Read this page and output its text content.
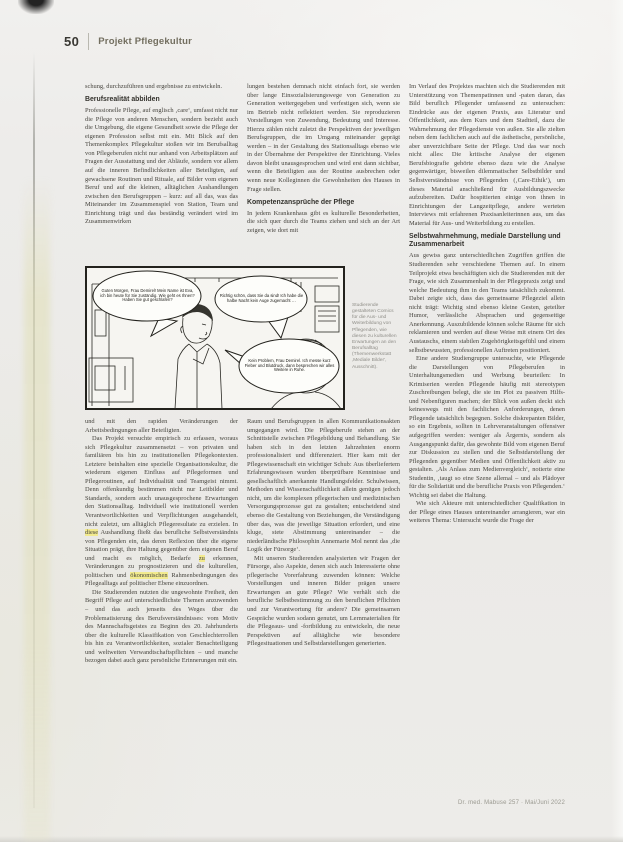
50 Projekt Pflegekultur

schung, durchzuführen und ergebnisse zu entwickeln.

Berufsrealität abbilden

Professionelle Pflege, auf englisch ‚care‘, umfasst nicht nur die Pflege von anderen Menschen, sondern bezieht auch die Umgebung, die eigene Gesundheit sowie die Pflege der eigenen Profession selbst mit ein. Mit Blick auf den Themenkomplex Pflegekultur stoßen wir im Berufsalltag von Pflegeberufen nicht nur anhand von Arbeitsplätzen auf Fragen der Ausstattung und der Abläufe, sondern vor allem auf die inneren Befindlichkeiten aller Beteiligten, auf gewachsene Routinen und Rituale, auf Bilder vom eigenen Beruf und auf die kleinen, alltäglichen Aushandlungen zwischen den Berufsgruppen – kurz: auf all das, was das Miteinander im Zusammenspiel von Station, Team und Einrichtung trägt und das beständig verändert wird im Zusammenwirken

Guten Morgen, Frau Demirel! Mein Name ist Eva, ich bin heute für Sie zuständig. Wie geht es Ihnen? Haben Sie gut geschlafen?
Richtig schön, dass Sie da sind! Ich habe die halbe Nacht kein Auge zugemacht …
Kein Problem, Frau Demirel. Ich messe kurz Fieber und Blutdruck, dann besprechen wir alles Weitere in Ruhe.
Studierende gestalteten Comics für die Aus- und Weiterbildung von Pflegenden, wie diesen zu kulturellen Erwartungen an den Berufsalltag (Themenwerkstatt ‚Mediale Bilder‘, Ausschnitt).

und mit den rapiden Veränderungen der Arbeitsbedingungen aller Beteiligten.

Das Projekt versuchte empirisch zu erfassen, woraus sich Pflegekultur zusammensetzt – von privaten und familiären bis hin zu institutionellen Pflegekontexten. Letztere beinhalten eine spezielle Organisationskultur, die wiederum eigenen Einfluss auf Pflegeformen und Pflegeroutinen, auf Individualität und Teamgeist nimmt. Denn offenkundig bestimmen nicht nur Leitbilder und Standards, sondern auch unausgesprochene Erwartungen den Stationsalltag. Individuell wie institutionell werden Verantwortlichkeiten und Verpflichtungen ausgehandelt, nicht zuletzt, um alltäglich Pflegeresultate zu erzielen. In diese Aushandlung fließt das berufliche Selbstverständnis von Pflegenden ein, das deren Reflexion über die eigene Situation prägt, ihre Haltung gegenüber dem eigenen Beruf und macht es möglich, Bedarfe zu erkennen, Veränderungen zu prognostizieren und die kulturellen, politischen und ökonomischen Rahmenbedingungen des Pflegealltags auf politischer Ebene einzuordnen.

Die Studierenden nutzten die ungewohnte Freiheit, den Begriff Pflege auf unterschiedlichste Themen anzuwenden – und das auch jenseits des Weges über die Problematisierung des Berufsverständnisses: vom Motiv des Mannschaftsgeistes zu Beginn des 20. Jahrhunderts über die kulturelle Klassifikation von Geschlechterrollen bis hin zu Verantwortlichkeiten, sozialer Benachteiligung und weltweiten Verwandtschaftspflichten – und manche bezogen dabei auch ganz persönliche Erinnerungen mit ein.

lungen bestehen demnach nicht einfach fort, sie werden über lange Einsozialisierungswege von Generation zu Generation weitergegeben und verfestigen sich, wenn sie im Betrieb nicht reflektiert werden. Sie reproduzieren Vorstellungen von Zuwendung, Bedeutung und Interesse. Hierzu zählen nicht zuletzt die Perspektiven der jeweiligen Berufsgruppen, die im Umgang miteinander geprägt werden – in der Gestaltung des Stationsalltags ebenso wie in der Übernahme der Perspektive der Einrichtung. Vieles davon bleibt unausgesprochen und wird erst dann sichtbar, wenn die Beteiligten aus der Routine ausbrechen oder wenn neue Kolleginnen die Gewohnheiten des Hauses in Frage stellen.

Kompetenzansprüche der Pflege

In jedem Krankenhaus gibt es kulturelle Besonderheiten, die sich quer durch die Teams ziehen und sich an der Art zeigen, wie dort mit

Raum und Berufsgruppen in allen Kommunikationsakten umgegangen wird. Die Pflegeberufe stehen an der Schnittstelle zwischen Pflegebildung und Behandlung. Sie haben sich in den letzten Jahrzehnten enorm professionalisiert und differenziert. Hier kam mit der Pflegewissenschaft ein wichtiger Schub: Aus überliefertem Erfahrungswissen wurden überprüfbare Kenntnisse und gesellschaftlich anerkannte Handlungsfelder. Schulwissen, Methoden und Wissenschaftlichkeit allein genügen jedoch nicht, um die komplexen pflegerischen und medizinischen Versorgungsprozesse gut zu gestalten; entscheidend sind ebenso die Gestaltung von Beziehungen, die Verständigung über das, was die jeweilige Situation erfordert, und eine kluge, stete Abstimmung untereinander – die niederländische Philosophin Annemarie Mol nennt das ‚die Logik der Fürsorge‘.

Mit unseren Studierenden analysierten wir Fragen der Fürsorge, also Aspekte, denen sich auch Interessierte ohne pflegerische Vorerfahrung zuwenden können: Welche Vorstellungen und inneren Bilder prägen unsere Erwartungen an gute Pflege? Wie verhält sich die berufliche Selbstbestimmung zu den beruflichen Pflichten und zur Verantwortung für andere? Die gemeinsamen Gespräche wurden sodann genutzt, um Lernmaterialien für die Pflegeaus- und -fortbildung zu entwickeln, die neue Perspektiven auf alltägliche wie besondere Pflegesituationen und Selbstdarstellungen generierten.

Im Verlauf des Projektes machten sich die Studierenden mit Unterstützung von Themenpatinnen und -paten daran, das Bild beruflich Pflegender umfassend zu untersuchen: Eindrücke aus der eigenen Praxis, aus Literatur und Öffentlichkeit, aus dem Kurs und dem Stadtteil, dazu die Wahrnehmung der Pflegedienste von außen. Sie alle zielten neben dem fachlichen auch auf die ästhetische, persönliche, aber unverzichtbare Seite der Pflege. Und das war noch nicht alles: Die kritische Analyse der eigenen Berufsbiografie gehörte ebenso dazu wie die Analyse gegenwärtiger, bisweilen dilemmatischer Selbstbilder und Selbstverständnisse von Pflegenden (‚Care-Ethik‘), um dieses Material anschließend für Ausbildungszwecke aufzubereiten. Dafür hospitierten einige von ihnen in Einrichtungen der Langzeitpflege, andere werteten Interviews mit erfahrenen Praxisanleiterinnen aus, um das Material für Aus- und Weiterbildung zu erstellen.

Selbstwahrnehmung, mediale Darstellung und Zusammenarbeit

Aus gewiss ganz unterschiedlichen Zugriffen griffen die Studierenden sehr verschiedene Themen auf. In einem Teilprojekt etwa beschäftigten sich die Studierenden mit der Frage, wie sich Zusammenhalt in der Pflegepraxis zeigt und welche Bedeutung ihm in den Teams tatsächlich zukommt. Dabei zeigte sich, dass das gemeinsame Pflegeziel allein nicht trägt: Wichtig sind ebenso kleine Gesten, geteilter Humor, verlässliche Absprachen und gegenseitige Anerkennung. Auszubildende können solche Räume für sich reklamieren und werden auf diese Weise mit einem Ort des Austauschs, einem stabilen Zugehörigkeitsgefühl und einem selbstbewussten, professionellen Auftreten positioniert.

Eine andere Studiengruppe untersuchte, wie Pflegende die Darstellungen von Pflegeberufen in Unterhaltungsmedien und Werbung beurteilen: In Krimiserien werden Pflegende häufig mit stereotypen Zuschreibungen belegt, die sie im Plot zu passiven Hilfs- und Nebenfiguren machen; der Blick von außen deckt sich keineswegs mit den fachlichen Anforderungen, denen Pflegende tatsächlich begegnen. Solche diskrepanten Bilder, so ein Ergebnis, sollten in Lehrveranstaltungen offensiver aufgegriffen werden: weniger als Ärgernis, sondern als Ausgangspunkt dafür, das gewohnte Bild vom eigenen Beruf zur Diskussion zu stellen und die Selbstdarstellung der Pflegenden gegenüber Medien und Öffentlichkeit aktiv zu gestalten. ‚Als Anlass zum Medienvergleich‘, notierte eine Studentin, ‚taugt so eine Szene allemal – und als Plädoyer für die Solidarität und die berufliche Praxis von Pflegenden.‘ Wichtig sei dabei die Haltung.

Wie sich Akteure mit unterschiedlicher Qualifikation in der Pflege eines Hauses untereinander arrangieren, war ein weiteres Thema: Untersucht wurde die Frage der

Dr. med. Mabuse 257 · Mai/Juni 2022
